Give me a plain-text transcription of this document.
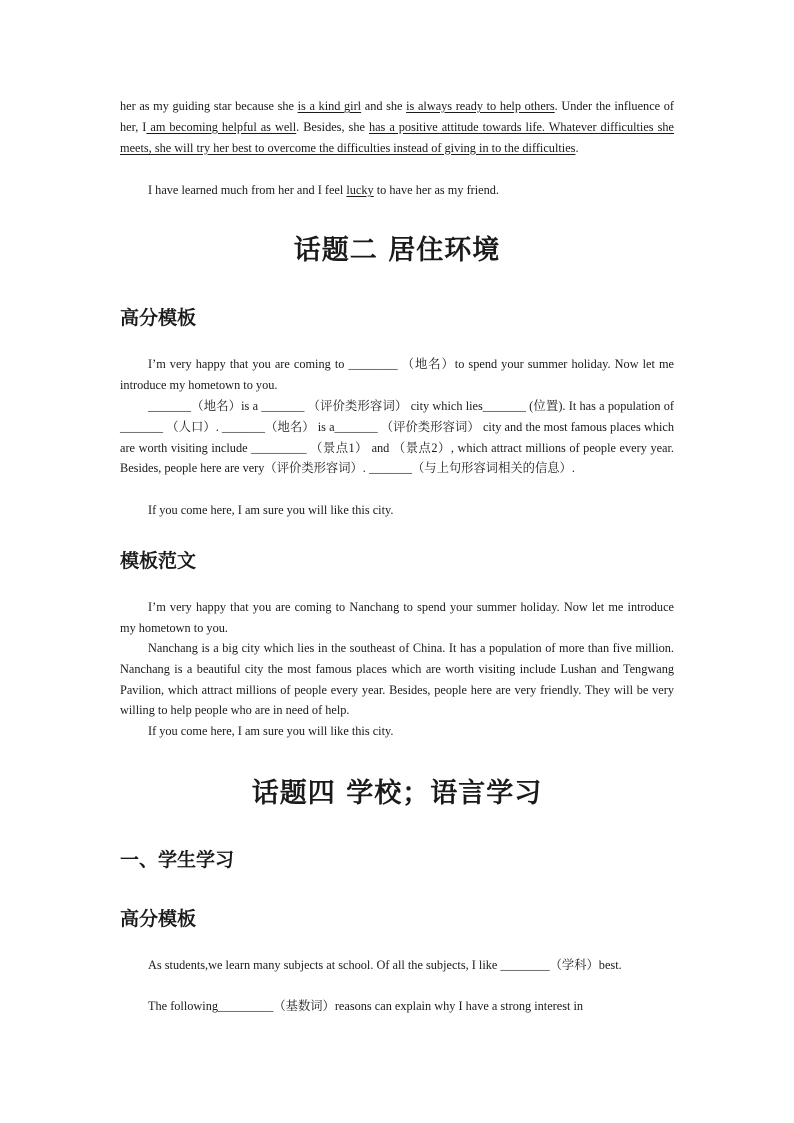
her as my guiding star because she is a kind girl and she is always ready to help others. Under the influence of her, I am becoming helpful as well. Besides, she has a positive attitude towards life. Whatever difficulties she meets, she will try her best to overcome the difficulties instead of giving in to the difficulties.

I have learned much from her and I feel lucky to have her as my friend.

话题二 居住环境
高分模板

I’m very happy that you are coming to ________ （地名）to spend your summer holiday. Now let me introduce my hometown to you.

_______（地名）is a _______ （评价类形容词） city which lies_______ (位置). It has a population of _______ （人口）. _______（地名） is a_______ （评价类形容词） city and the most famous places which are worth visiting include _________ （景点1） and （景点2）, which attract millions of people every year. Besides, people here are very（评价类形容词）. _______（与上句形容词相关的信息）.

If you come here, I am sure you will like this city.

模板范文

I’m very happy that you are coming to Nanchang to spend your summer holiday. Now let me introduce my hometown to you.

Nanchang is a big city which lies in the southeast of China. It has a population of more than five million. Nanchang is a beautiful city the most famous places which are worth visiting include Lushan and Tengwang Pavilion, which attract millions of people every year. Besides, people here are very friendly. They will be very willing to help people who are in need of help.

If you come here, I am sure you will like this city.

话题四 学校；语言学习
一、学生学习
高分模板

As students,we learn many subjects at school. Of all the subjects, I like ________（学科）best.

The following_________（基数词）reasons can explain why I have a strong interest in
